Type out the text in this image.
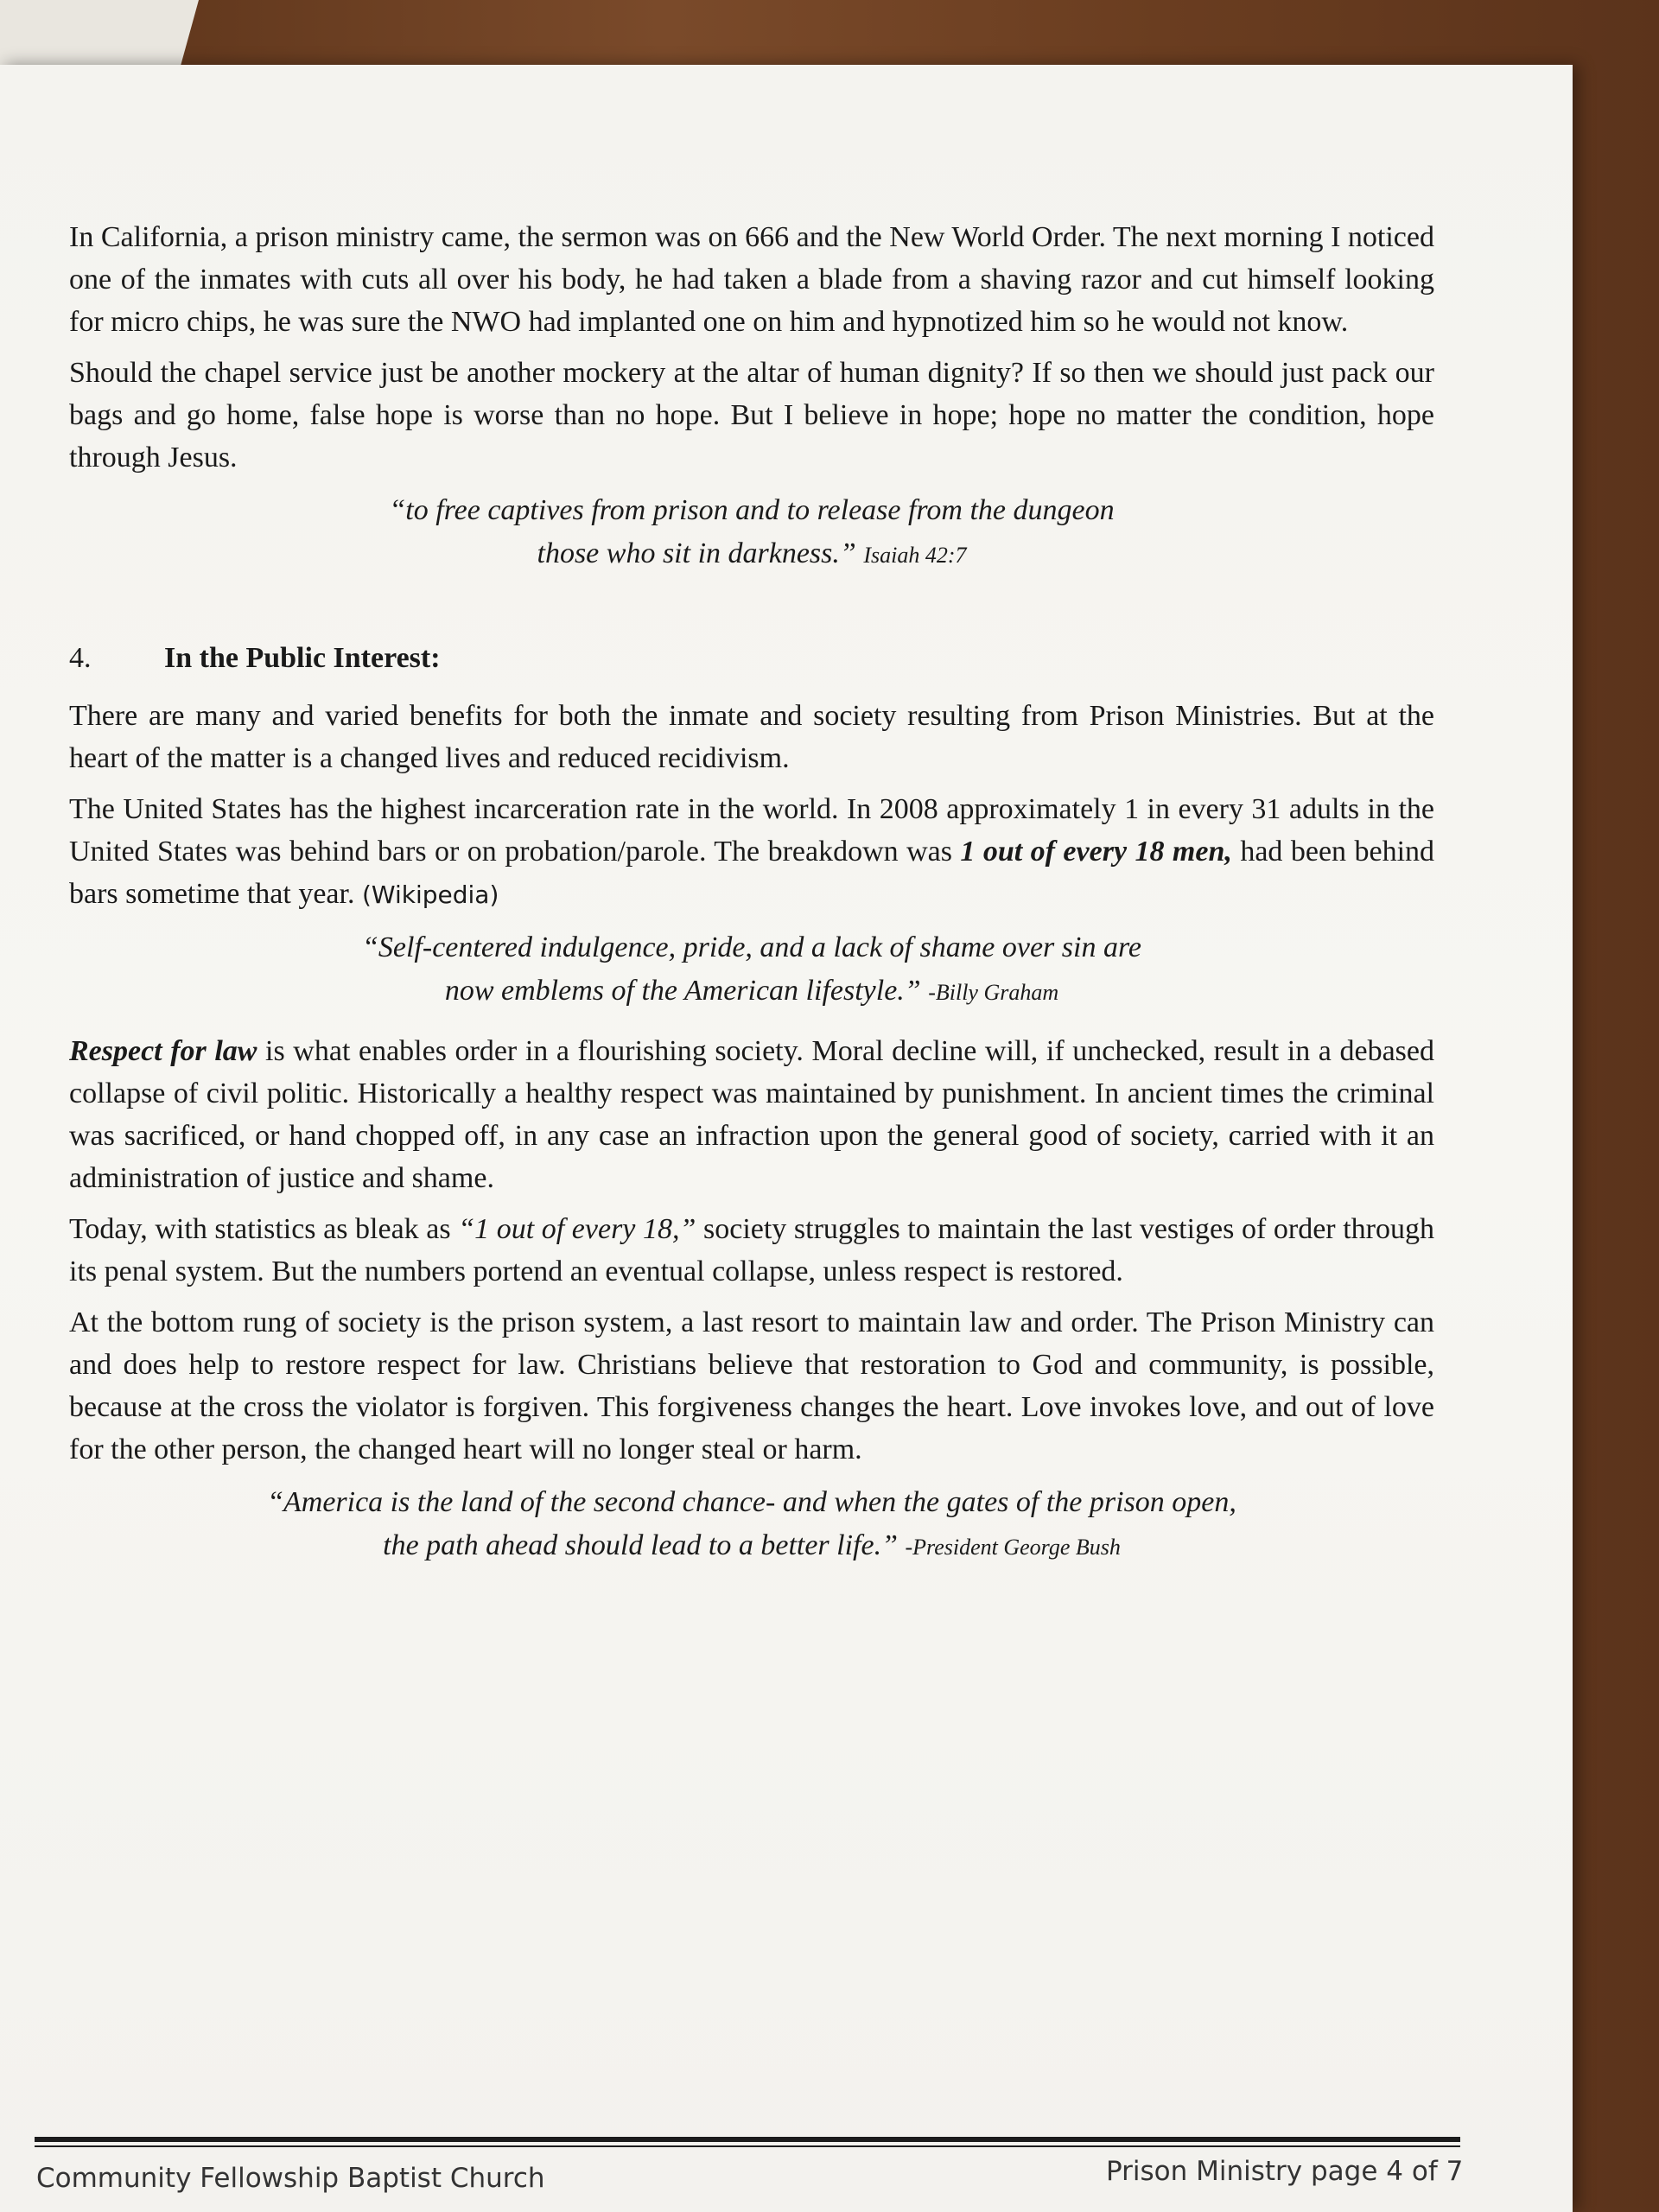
In California, a prison ministry came, the sermon was on 666 and the New World Order. The next morning I noticed one of the inmates with cuts all over his body, he had taken a blade from a shaving razor and cut himself looking for micro chips, he was sure the NWO had implanted one on him and hypnotized him so he would not know.

Should the chapel service just be another mockery at the altar of human dignity? If so then we should just pack our bags and go home, false hope is worse than no hope. But I believe in hope; hope no matter the condition, hope through Jesus.

“to free captives from prison and to release from the dungeon
those who sit in darkness.” Isaiah 42:7
4. In the Public Interest:

There are many and varied benefits for both the inmate and society resulting from Prison Ministries. But at the heart of the matter is a changed lives and reduced recidivism.

The United States has the highest incarceration rate in the world. In 2008 approximately 1 in every 31 adults in the United States was behind bars or on probation/parole. The breakdown was 1 out of every 18 men, had been behind bars sometime that year. (Wikipedia)

“Self-centered indulgence, pride, and a lack of shame over sin are
now emblems of the American lifestyle.” -Billy Graham

Respect for law is what enables order in a flourishing society. Moral decline will, if unchecked, result in a debased collapse of civil politic. Historically a healthy respect was maintained by punishment. In ancient times the criminal was sacrificed, or hand chopped off, in any case an infraction upon the general good of society, carried with it an administration of justice and shame.

Today, with statistics as bleak as “1 out of every 18,” society struggles to maintain the last vestiges of order through its penal system. But the numbers portend an eventual collapse, unless respect is restored.

At the bottom rung of society is the prison system, a last resort to maintain law and order. The Prison Ministry can and does help to restore respect for law. Christians believe that restoration to God and community, is possible, because at the cross the violator is forgiven. This forgiveness changes the heart. Love invokes love, and out of love for the other person, the changed heart will no longer steal or harm.

“America is the land of the second chance- and when the gates of the prison open,
the path ahead should lead to a better life.” -President George Bush
Community Fellowship Baptist Church	Prison Ministry page 4 of 7
